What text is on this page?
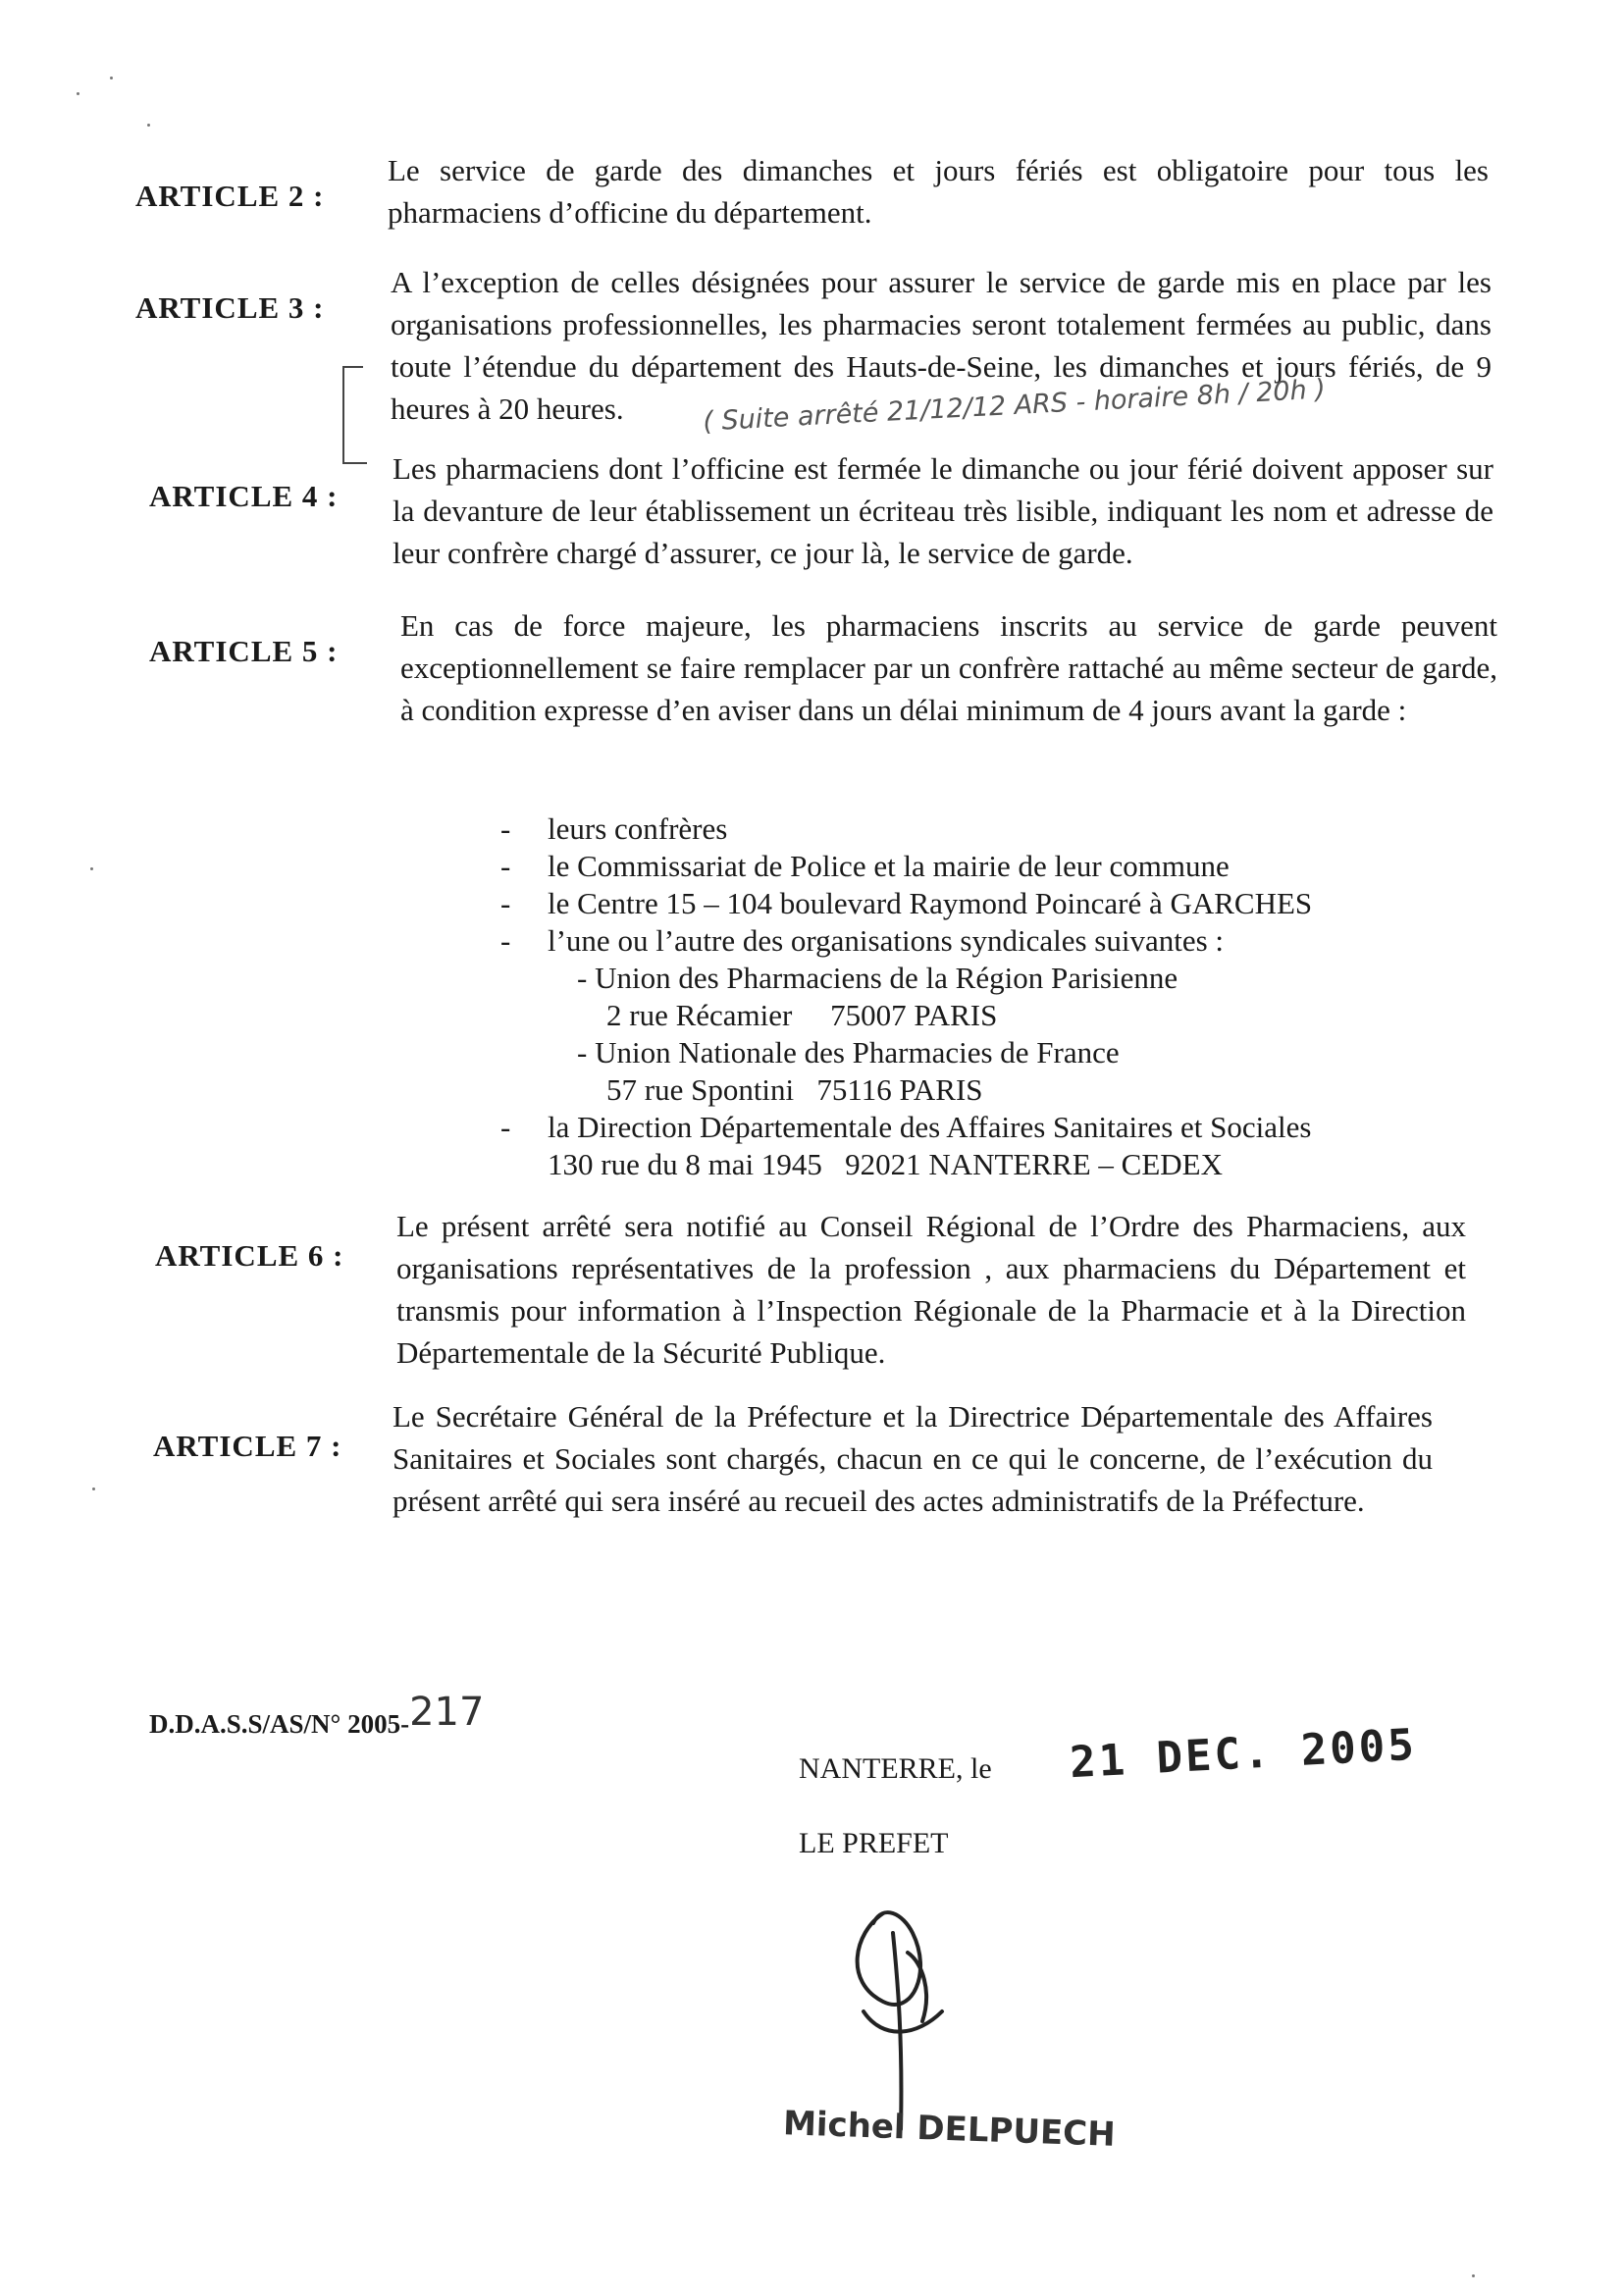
ARTICLE 2 :

Le service de garde des dimanches et jours fériés est obligatoire pour tous les pharmaciens d’officine du département.

ARTICLE 3 :

A l’exception de celles désignées pour assurer le service de garde mis en place par les organisations professionnelles, les pharmacies seront totalement fermées au public, dans toute l’étendue du département des Hauts-de-Seine, les dimanches et jours fériés, de 9 heures à 20 heures.	( Suite arrêté 21/12/12 ARS - horaire 8h / 20h )
ARTICLE 4 :

Les pharmaciens dont l’officine est fermée le dimanche ou jour férié doivent apposer sur la devanture de leur établissement un écriteau très lisible, indiquant les nom et adresse de leur confrère chargé d’assurer, ce jour là, le service de garde.

ARTICLE 5 :

En cas de force majeure, les pharmaciens inscrits au service de garde peuvent exceptionnellement se faire remplacer par un confrère rattaché au même secteur de garde, à condition expresse d’en aviser dans un délai minimum de 4 jours avant la garde :

- leurs confrères
- le Commissariat de Police et la mairie de leur commune
- le Centre 15 – 104 boulevard Raymond Poincaré à GARCHES
- l’une ou l’autre des organisations syndicales suivantes :
- Union des Pharmaciens de la Région Parisienne
2 rue Récamier     75007 PARIS
- Union Nationale des Pharmacies de France
57 rue Spontini   75116 PARIS
- la Direction Départementale des Affaires Sanitaires et Sociales
130 rue du 8 mai 1945   92021 NANTERRE – CEDEX
ARTICLE 6 :

Le présent arrêté sera notifié au Conseil Régional de l’Ordre des Pharmaciens, aux organisations représentatives de la profession , aux pharmaciens du Département et transmis pour information à l’Inspection Régionale de la Pharmacie et à la Direction Départementale de la Sécurité Publique.

ARTICLE 7 :

Le Secrétaire Général de la Préfecture et la Directrice Départementale des Affaires Sanitaires et Sociales sont chargés, chacun en ce qui le concerne, de l’exécution du présent arrêté qui sera inséré au recueil des actes administratifs de la Préfecture.

D.D.A.S.S/AS/N° 2005-217
NANTERRE, le 21 DEC. 2005
LE PREFET
Michel DELPUECH
